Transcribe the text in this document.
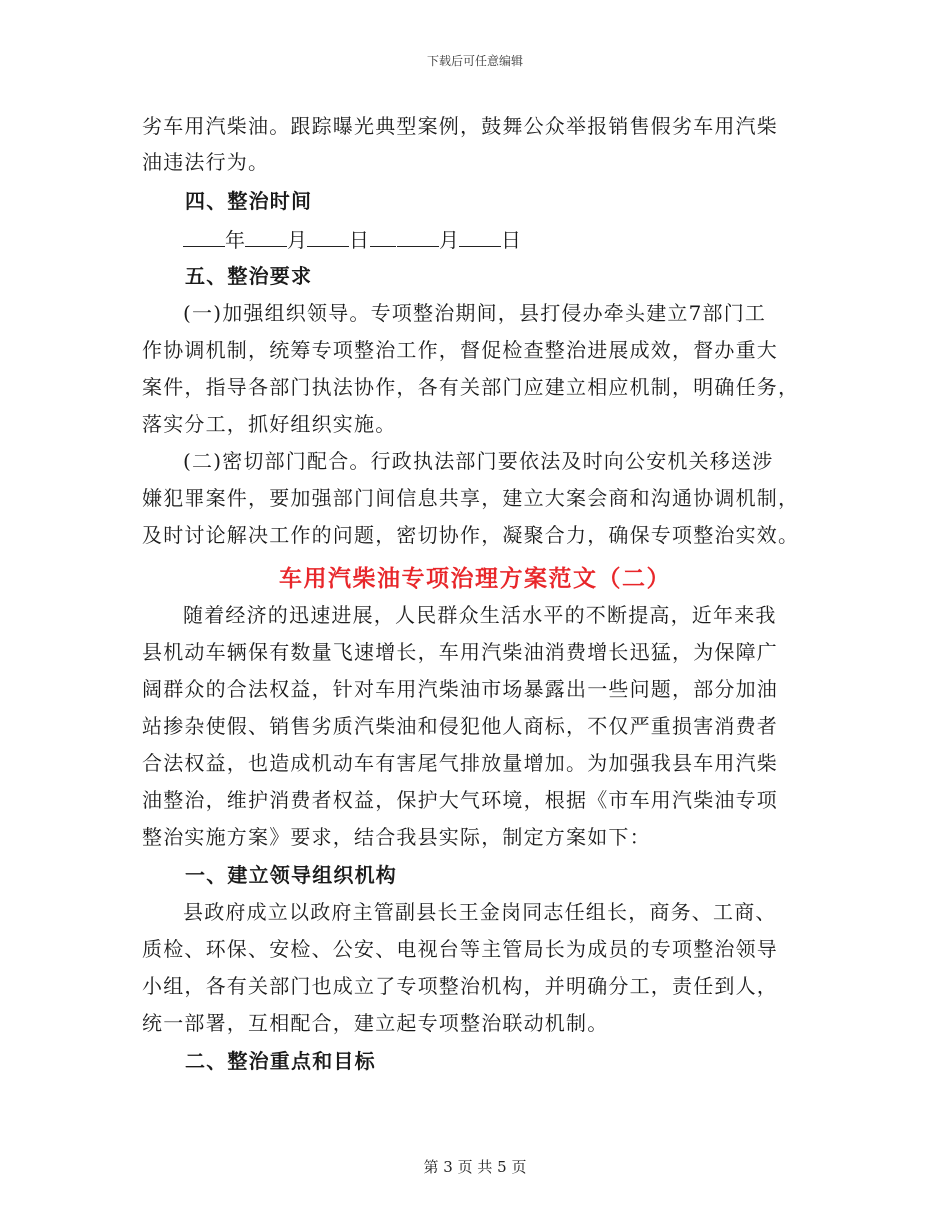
下载后可任意编辑
劣车用汽柴油。跟踪曝光典型案例，鼓舞公众举报销售假劣车用汽柴
油违法行为。
四、整治时间
年 月 日	月 日
五、整治要求
(一)加强组织领导。专项整治期间，县打侵办牵头建立7部门工
作协调机制，统筹专项整治工作，督促检查整治进展成效，督办重大
案件，指导各部门执法协作，各有关部门应建立相应机制，明确任务，
落实分工，抓好组织实施。
(二)密切部门配合。行政执法部门要依法及时向公安机关移送涉
嫌犯罪案件，要加强部门间信息共享，建立大案会商和沟通协调机制，
及时讨论解决工作的问题，密切协作，凝聚合力，确保专项整治实效。
车用汽柴油专项治理方案范文（二）
随着经济的迅速进展，人民群众生活水平的不断提高，近年来我
县机动车辆保有数量飞速增长，车用汽柴油消费增长迅猛，为保障广
阔群众的合法权益，针对车用汽柴油市场暴露出一些问题，部分加油
站掺杂使假、销售劣质汽柴油和侵犯他人商标，不仅严重损害消费者
合法权益，也造成机动车有害尾气排放量增加。为加强我县车用汽柴
油整治，维护消费者权益，保护大气环境，根据《市车用汽柴油专项
整治实施方案》要求，结合我县实际，制定方案如下：
一、建立领导组织机构
县政府成立以政府主管副县长王金岗同志任组长，商务、工商、
质检、环保、安检、公安、电视台等主管局长为成员的专项整治领导
小组，各有关部门也成立了专项整治机构，并明确分工，责任到人，
统一部署，互相配合，建立起专项整治联动机制。
二、整治重点和目标
第 3 页 共 5 页
